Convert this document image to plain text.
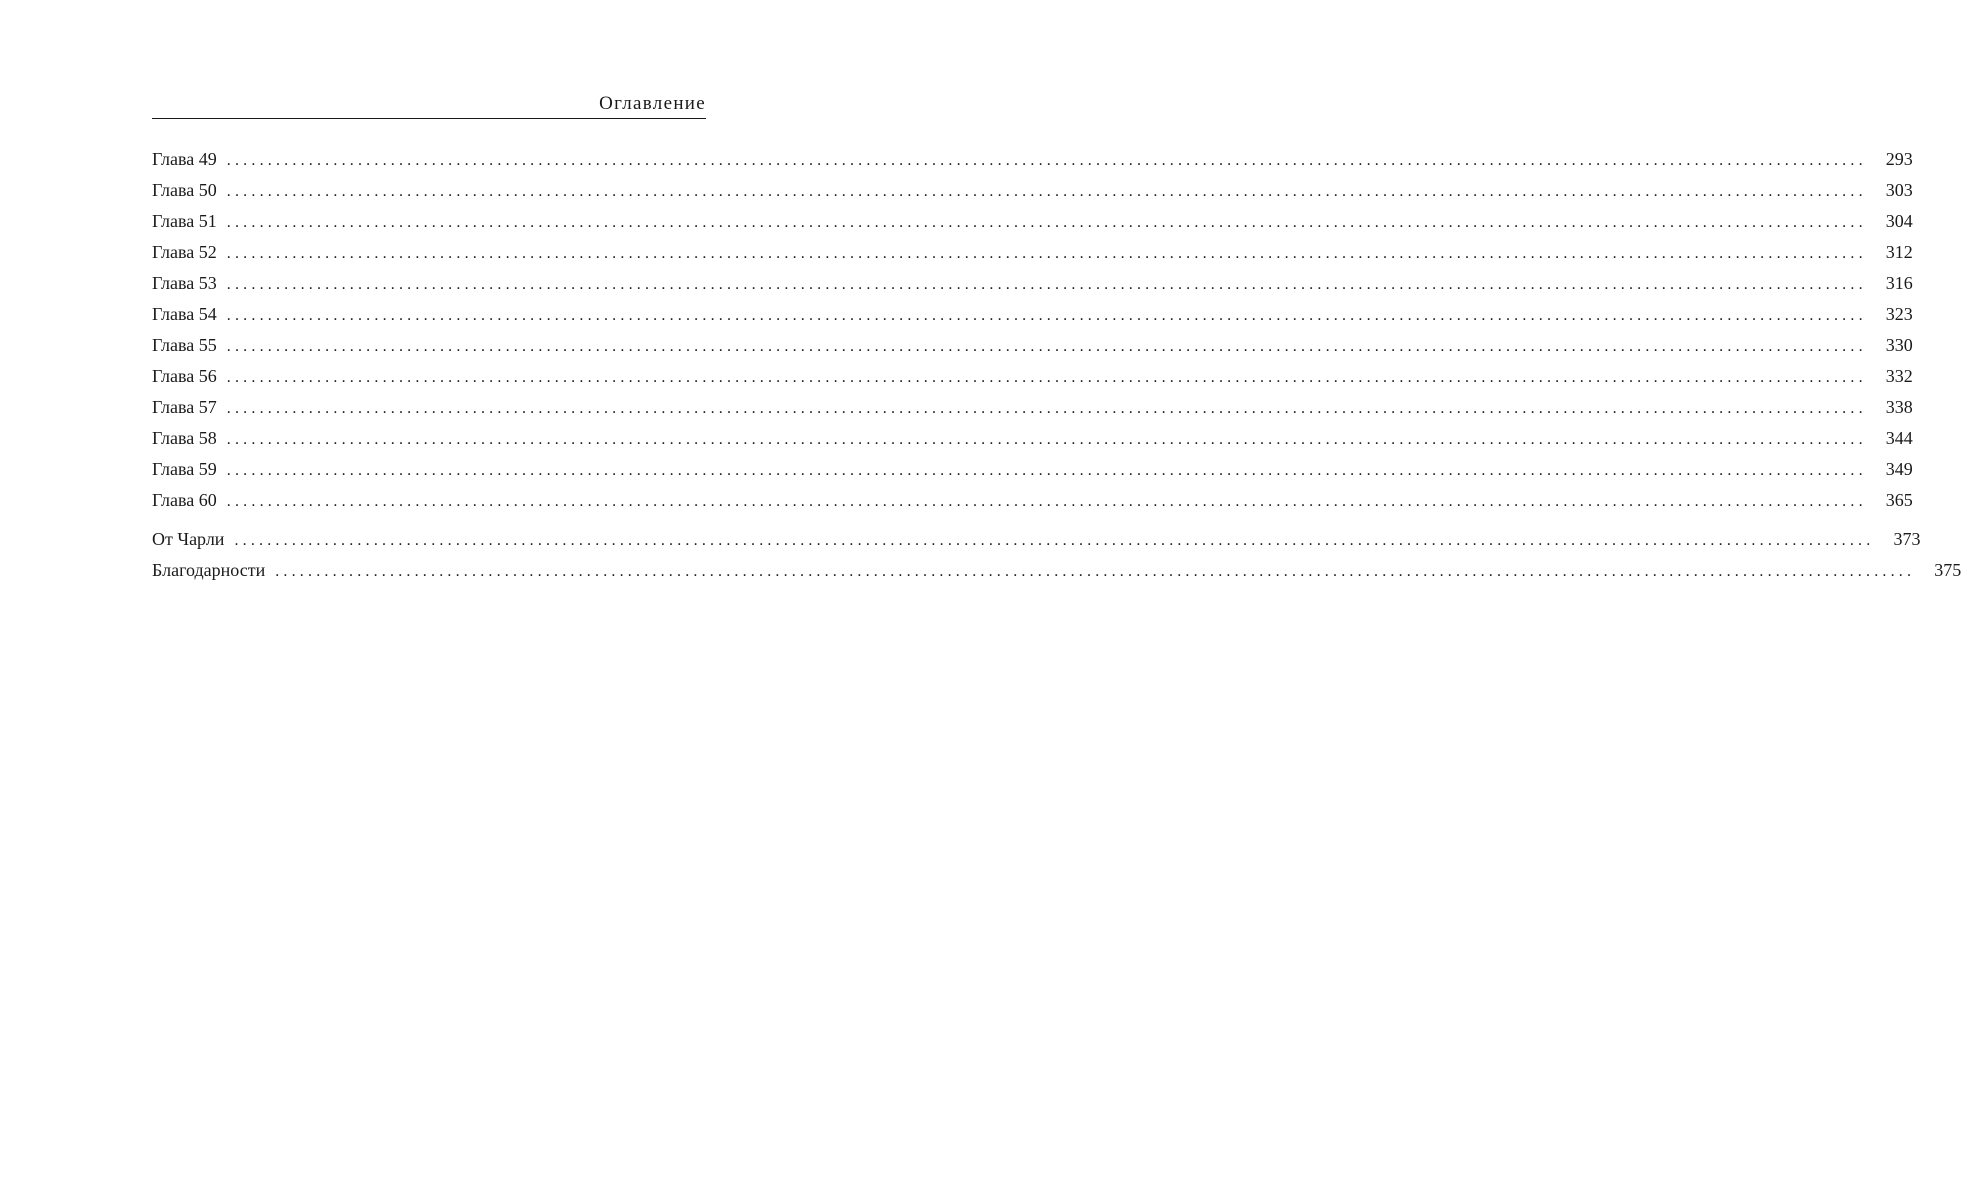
Оглавление
Глава 49 ........................................................................................................................................................................................................	293
Глава 50 ........................................................................................................................................................................................................	303
Глава 51 ........................................................................................................................................................................................................	304
Глава 52 ........................................................................................................................................................................................................	312
Глава 53 ........................................................................................................................................................................................................	316
Глава 54 ........................................................................................................................................................................................................	323
Глава 55 ........................................................................................................................................................................................................	330
Глава 56 ........................................................................................................................................................................................................	332
Глава 57 ........................................................................................................................................................................................................	338
Глава 58 ........................................................................................................................................................................................................	344
Глава 59 ........................................................................................................................................................................................................	349
Глава 60 ........................................................................................................................................................................................................	365
От Чарли ........................................................................................................................................................................................................	373
Благодарности ........................................................................................................................................................................................................	375
